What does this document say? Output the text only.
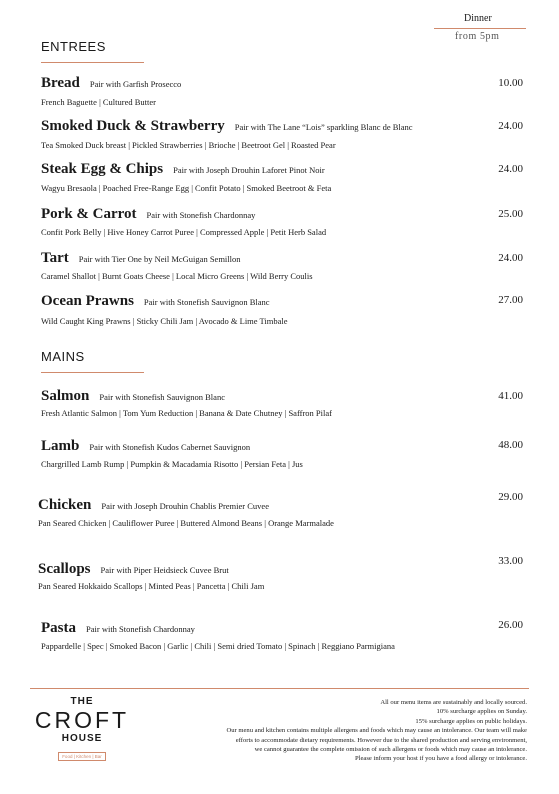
Dinner
from 5pm
ENTREES
Bread Pair with Garfish Prosecco
French Baguette | Cultured Butter
10.00
Smoked Duck & Strawberry Pair with The Lane “Lois” sparkling Blanc de Blanc
Tea Smoked Duck breast | Pickled Strawberries | Brioche | Beetroot Gel | Roasted Pear
24.00
Steak Egg & Chips Pair with Joseph Drouhin Laforet Pinot Noir
Wagyu Bresaola | Poached Free-Range Egg | Confit Potato | Smoked Beetroot & Feta
24.00
Pork & Carrot Pair with Stonefish Chardonnay
Confit Pork Belly | Hive Honey Carrot Puree | Compressed Apple | Petit Herb Salad
25.00
Tart Pair with Tier One by Neil McGuigan Semillon
Caramel Shallot | Burnt Goats Cheese | Local Micro Greens | Wild Berry Coulis
24.00
Ocean Prawns Pair with Stonefish Sauvignon Blanc
Wild Caught King Prawns | Sticky Chili Jam | Avocado & Lime Timbale
27.00
MAINS
Salmon Pair with Stonefish Sauvignon Blanc
Fresh Atlantic Salmon | Tom Yum Reduction | Banana & Date Chutney | Saffron Pilaf
41.00
Lamb Pair with Stonefish Kudos Cabernet Sauvignon
Chargrilled Lamb Rump | Pumpkin & Macadamia Risotto | Persian Feta | Jus
48.00
Chicken Pair with Joseph Drouhin Chablis Premier Cuvee
Pan Seared Chicken | Cauliflower Puree | Buttered Almond Beans | Orange Marmalade
29.00
Scallops Pair with Piper Heidsieck Cuvee Brut
Pan Seared Hokkaido Scallops | Minted Peas | Pancetta | Chili Jam
33.00
Pasta Pair with Stonefish Chardonnay
Pappardelle | Spec | Smoked Bacon | Garlic | Chili | Semi dried Tomato | Spinach | Reggiano Parmigiana
26.00
THE
CROFT
HOUSE
Food | Kitchen | Bar
All our menu items are sustainably and locally sourced.
10% surcharge applies on Sunday.
15% surcharge applies on public holidays.
Our menu and kitchen contains multiple allergens and foods which may cause an intolerance. Our team will make
efforts to accommodate dietary requirements. However due to the shared production and serving environment,
we cannot guarantee the complete omission of such allergens or foods which may cause an intolerance.
Please inform your host if you have a food allergy or intolerance.
